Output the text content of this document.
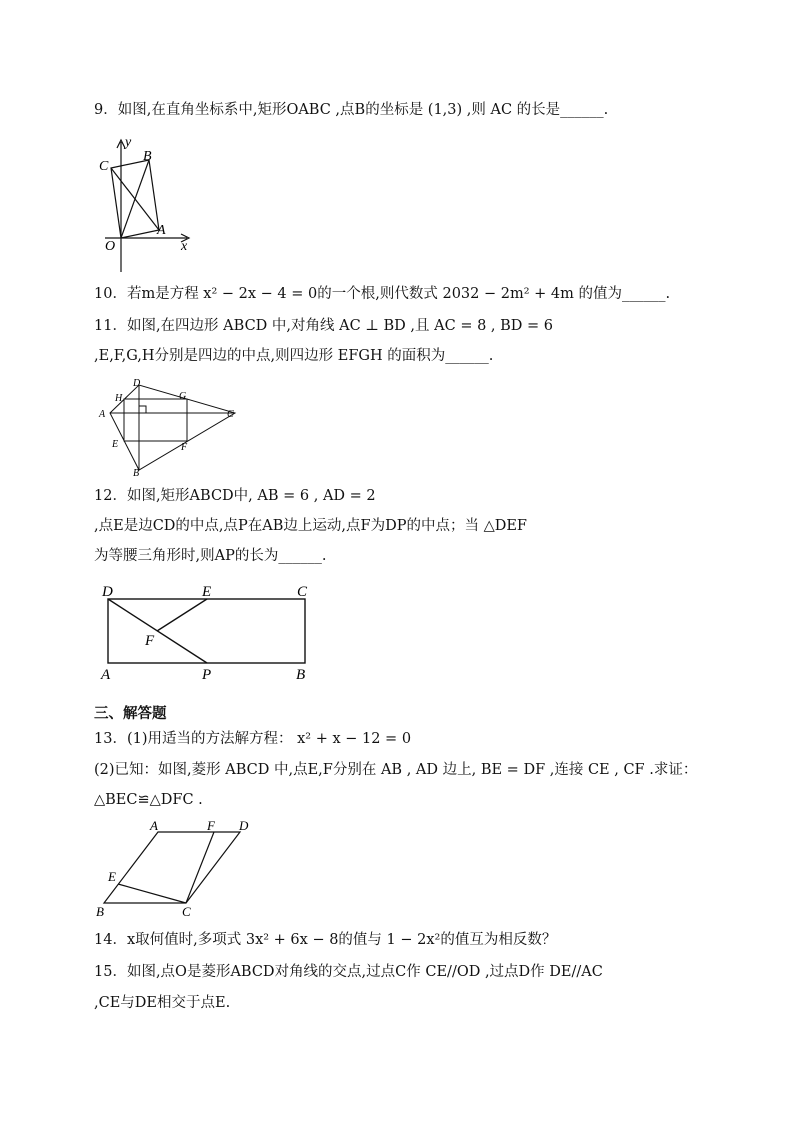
9．如图,在直角坐标系中,矩形OABC ,点B的坐标是 (1,3) ,则 AC 的长是______.
y
x
O
A
B
C
10．若m是方程 x² − 2x − 4 = 0的一个根,则代数式 2032 − 2m² + 4m 的值为______.
11．如图,在四边形 ABCD 中,对角线 AC ⊥ BD ,且 AC = 8 , BD = 6
,E,F,G,H分别是四边的中点,则四边形 EFGH 的面积为______.
A
D
H	G
C
E	F
B
12．如图,矩形ABCD中, AB = 6 , AD = 2
,点E是边CD的中点,点P在AB边上运动,点F为DP的中点；当 △DEF
为等腰三角形时,则AP的长为______.
D	E	C
F
A	P	B
三、解答题
13．(1)用适当的方法解方程： x² + x − 12 = 0
(2)已知：如图,菱形 ABCD 中,点E,F分别在 AB , AD 边上, BE = DF ,连接 CE , CF .求证：
△BEC≌△DFC .
A	F D
E
B	C
14．x取何值时,多项式 3x² + 6x − 8的值与 1 − 2x²的值互为相反数？
15．如图,点O是菱形ABCD对角线的交点,过点C作 CE//OD ,过点D作 DE//AC
,CE与DE相交于点E.
